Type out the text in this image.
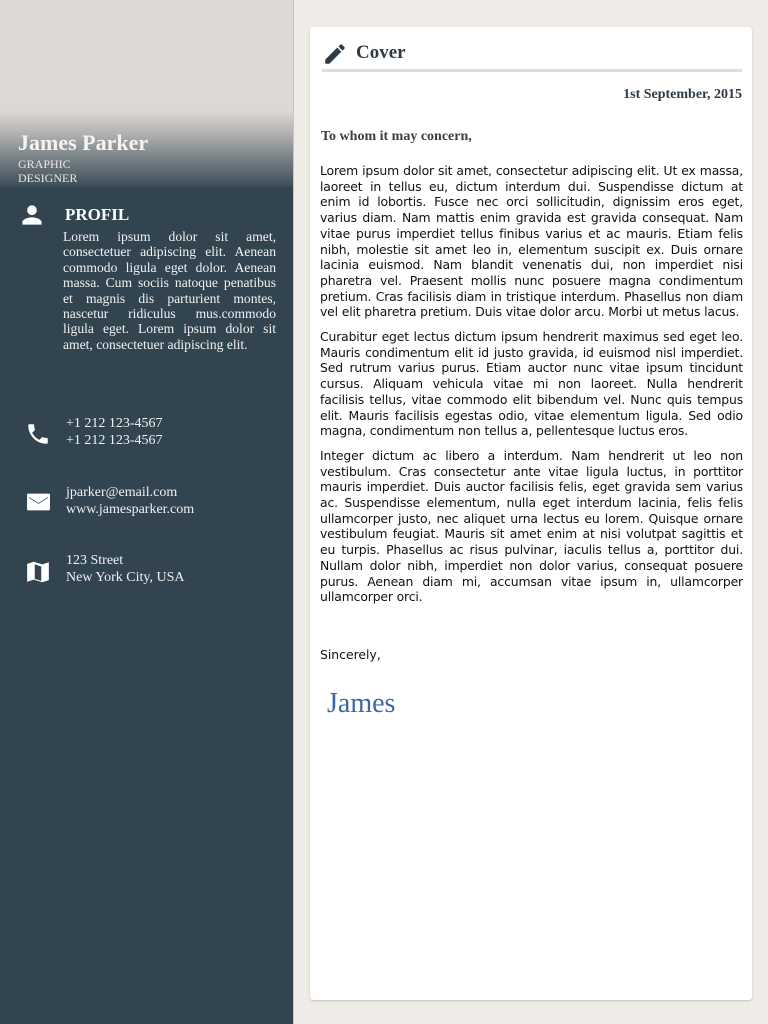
James Parker
GRAPHIC DESIGNER
PROFIL
Lorem ipsum dolor sit amet, consectetuer adipiscing elit. Aenean commodo ligula eget dolor. Aenean massa. Cum sociis natoque penatibus et magnis dis parturient montes, nascetur ridiculus mus.commodo ligula eget. Lorem ipsum dolor sit amet, consectetuer adipiscing elit.
+1 212 123-4567
+1 212 123-4567
jparker@email.com
www.jamesparker.com
123 Street
New York City, USA
Cover
1st September, 2015
To whom it may concern,

Lorem ipsum dolor sit amet, consectetur adipiscing elit. Ut ex massa, laoreet in tellus eu, dictum interdum dui. Suspendisse dictum at enim id lobortis. Fusce nec orci sollicitudin, dignissim eros eget, varius diam. Nam mattis enim gravida est gravida consequat. Nam vitae purus imperdiet tellus finibus varius et ac mauris. Etiam felis nibh, molestie sit amet leo in, elementum suscipit ex. Duis ornare lacinia euismod. Nam blandit venenatis dui, non imperdiet nisi pharetra vel. Praesent mollis nunc posuere magna condimentum pretium. Cras facilisis diam in tristique interdum. Phasellus non diam vel elit pharetra pretium. Duis vitae dolor arcu. Morbi ut metus lacus.

Curabitur eget lectus dictum ipsum hendrerit maximus sed eget leo. Mauris condimentum elit id justo gravida, id euismod nisl imperdiet. Sed rutrum varius purus. Etiam auctor nunc vitae ipsum tincidunt cursus. Aliquam vehicula vitae mi non laoreet. Nulla hendrerit facilisis tellus, vitae commodo elit bibendum vel. Nunc quis tempus elit. Mauris facilisis egestas odio, vitae elementum ligula. Sed odio magna, condimentum non tellus a, pellentesque luctus eros.

Integer dictum ac libero a interdum. Nam hendrerit ut leo non vestibulum. Cras consectetur ante vitae ligula luctus, in porttitor mauris imperdiet. Duis auctor facilisis felis, eget gravida sem varius ac. Suspendisse elementum, nulla eget interdum lacinia, felis felis ullamcorper justo, nec aliquet urna lectus eu lorem. Quisque ornare vestibulum feugiat. Mauris sit amet enim at nisi volutpat sagittis et eu turpis. Phasellus ac risus pulvinar, iaculis tellus a, porttitor dui. Nullam dolor nibh, imperdiet non dolor varius, consequat posuere purus. Aenean diam mi, accumsan vitae ipsum in, ullamcorper ullamcorper orci.

Sincerely,
James
